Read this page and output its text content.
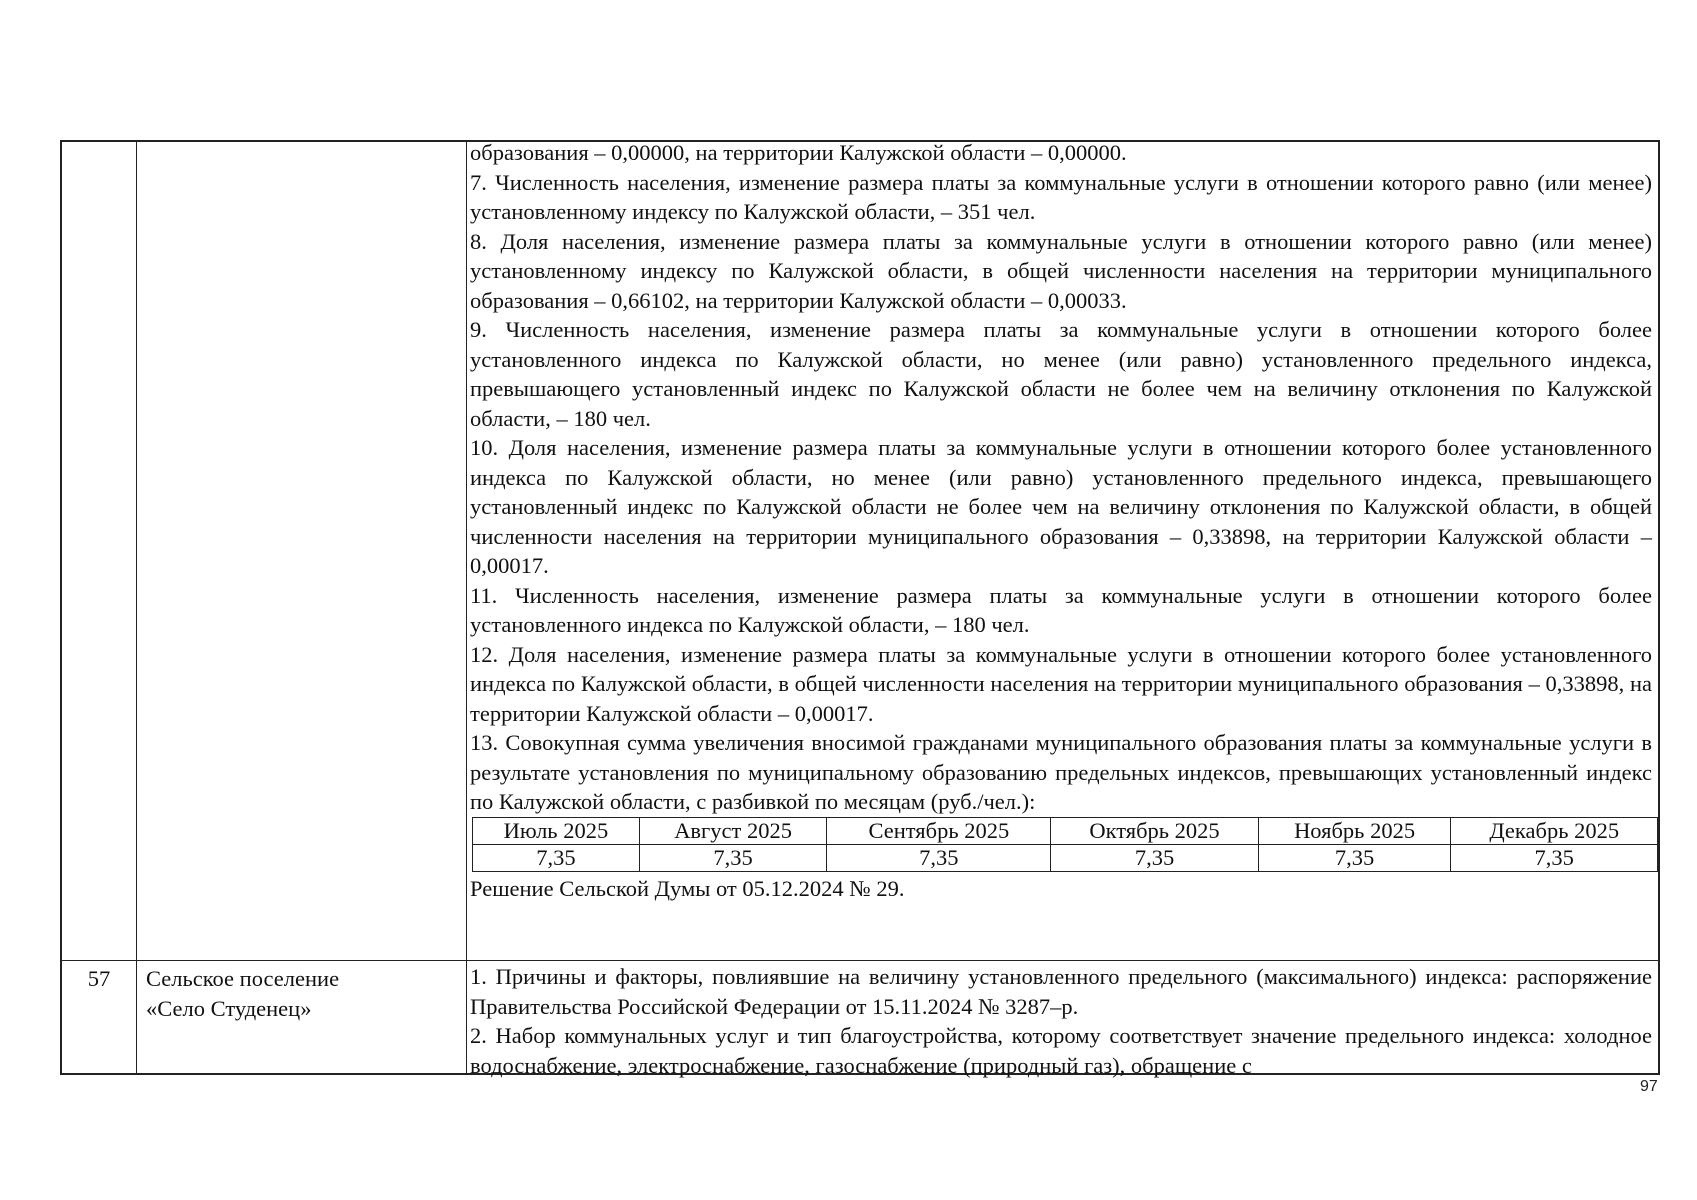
образования – 0,00000, на территории Калужской области – 0,00000.

7. Численность населения, изменение размера платы за коммунальные услуги в отношении которого равно (или менее) установленному индексу по Калужской области, – 351 чел.

8. Доля населения, изменение размера платы за коммунальные услуги в отношении которого равно (или менее) установленному индексу по Калужской области, в общей численности населения на территории муниципального образования – 0,66102, на территории Калужской области – 0,00033.

9. Численность населения, изменение размера платы за коммунальные услуги в отношении которого более установленного индекса по Калужской области, но менее (или равно) установленного предельного индекса, превышающего установленный индекс по Калужской области не более чем на величину отклонения по Калужской области, – 180 чел.

10. Доля населения, изменение размера платы за коммунальные услуги в отношении которого более установленного индекса по Калужской области, но менее (или равно) установленного предельного индекса, превышающего установленный индекс по Калужской области не более чем на величину отклонения по Калужской области, в общей численности населения на территории муниципального образования – 0,33898, на территории Калужской области – 0,00017.

11. Численность населения, изменение размера платы за коммунальные услуги в отношении которого более установленного индекса по Калужской области, – 180 чел.

12. Доля населения, изменение размера платы за коммунальные услуги в отношении которого более установленного индекса по Калужской области, в общей численности населения на территории муниципального образования – 0,33898, на территории Калужской области – 0,00017.

13. Совокупная сумма увеличения вносимой гражданами муниципального образования платы за коммунальные услуги в результате установления по муниципальному образованию предельных индексов, превышающих установленный индекс по Калужской области, с разбивкой по месяцам (руб./чел.):

Июль 2025	Август 2025	Сентябрь 2025	Октябрь 2025	Ноябрь 2025	Декабрь 2025
7,35	7,35	7,35	7,35	7,35	7,35

Решение Сельской Думы от 05.12.2024 № 29.

57	Сельское поселение
«Село Студенец»

1. Причины и факторы, повлиявшие на величину установленного предельного (максимального) индекса: распоряжение Правительства Российской Федерации от 15.11.2024 № 3287–р.

2. Набор коммунальных услуг и тип благоустройства, которому соответствует значение предельного индекса: холодное водоснабжение, электроснабжение, газоснабжение (природный газ), обращение с

97
